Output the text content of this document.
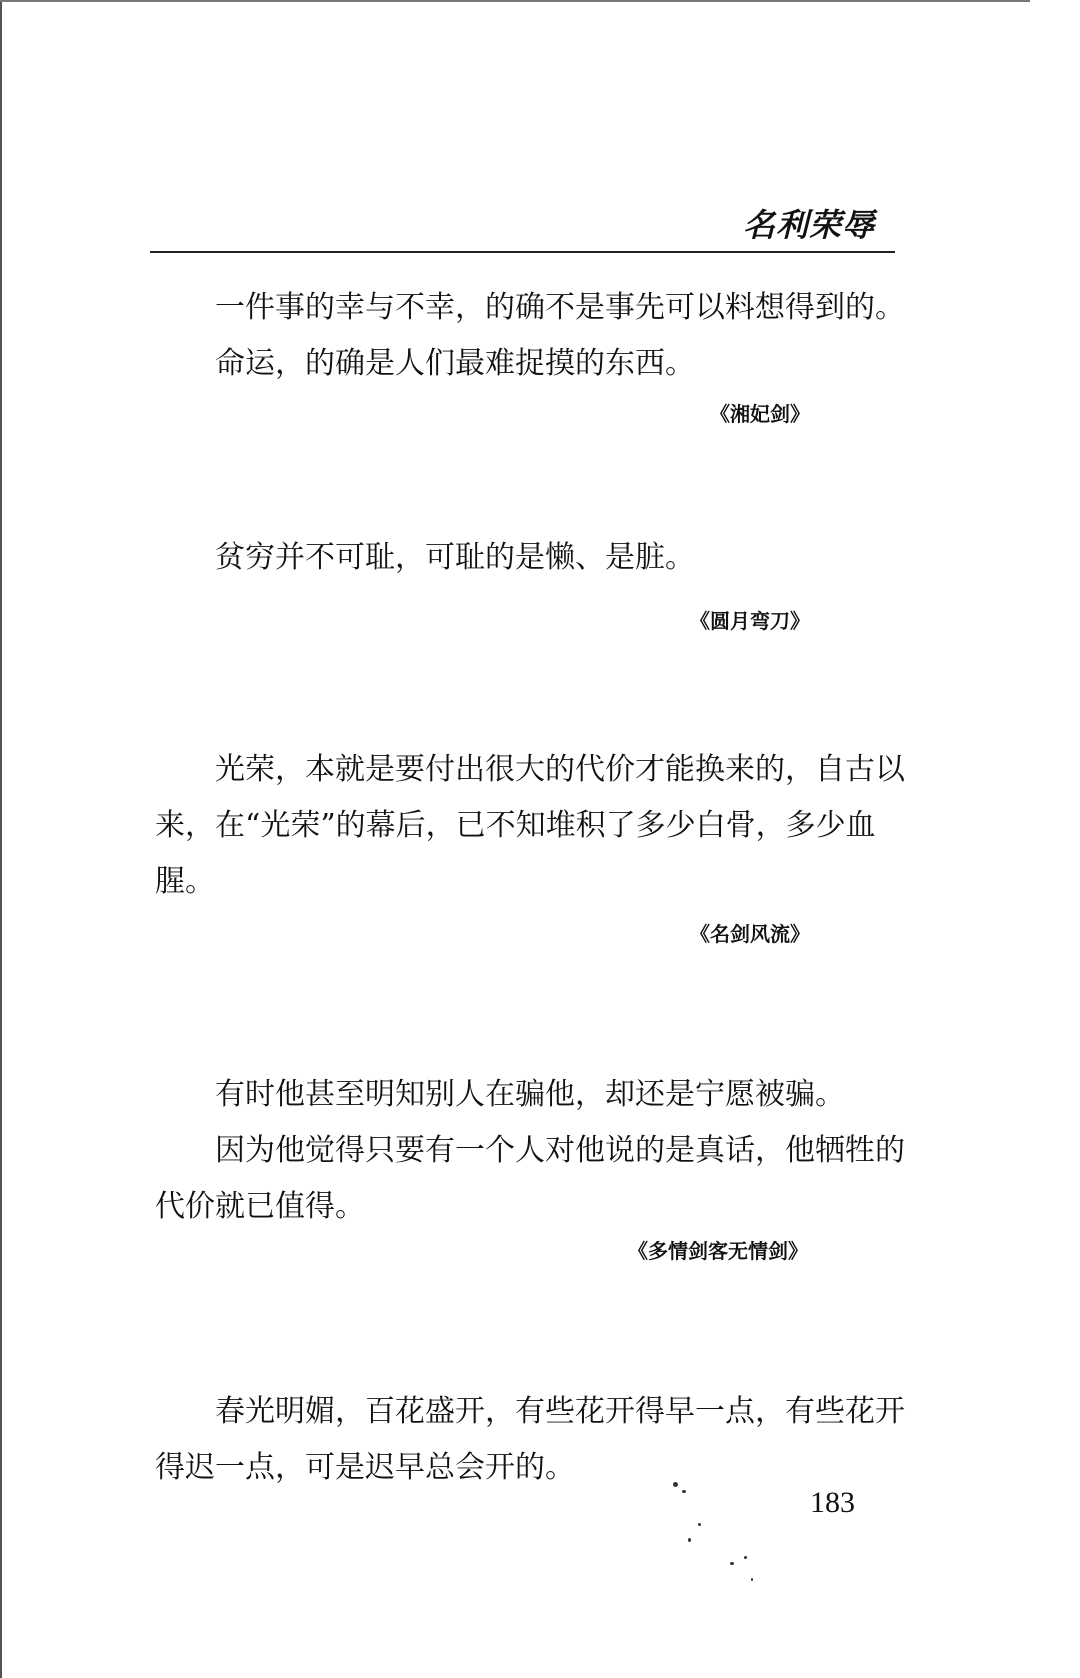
名利荣辱
一件事的幸与不幸，的确不是事先可以料想得到的。
命运，的确是人们最难捉摸的东西。
《湘妃剑》
贫穷并不可耻，可耻的是懒、是脏。
《圆月弯刀》
光荣，本就是要付出很大的代价才能换来的，自古以
来，在“光荣”的幕后，已不知堆积了多少白骨，多少血
腥。
《名剑风流》
有时他甚至明知别人在骗他，却还是宁愿被骗。
因为他觉得只要有一个人对他说的是真话，他牺牲的
代价就已值得。
《多情剑客无情剑》
春光明媚，百花盛开，有些花开得早一点，有些花开
得迟一点，可是迟早总会开的。
183
